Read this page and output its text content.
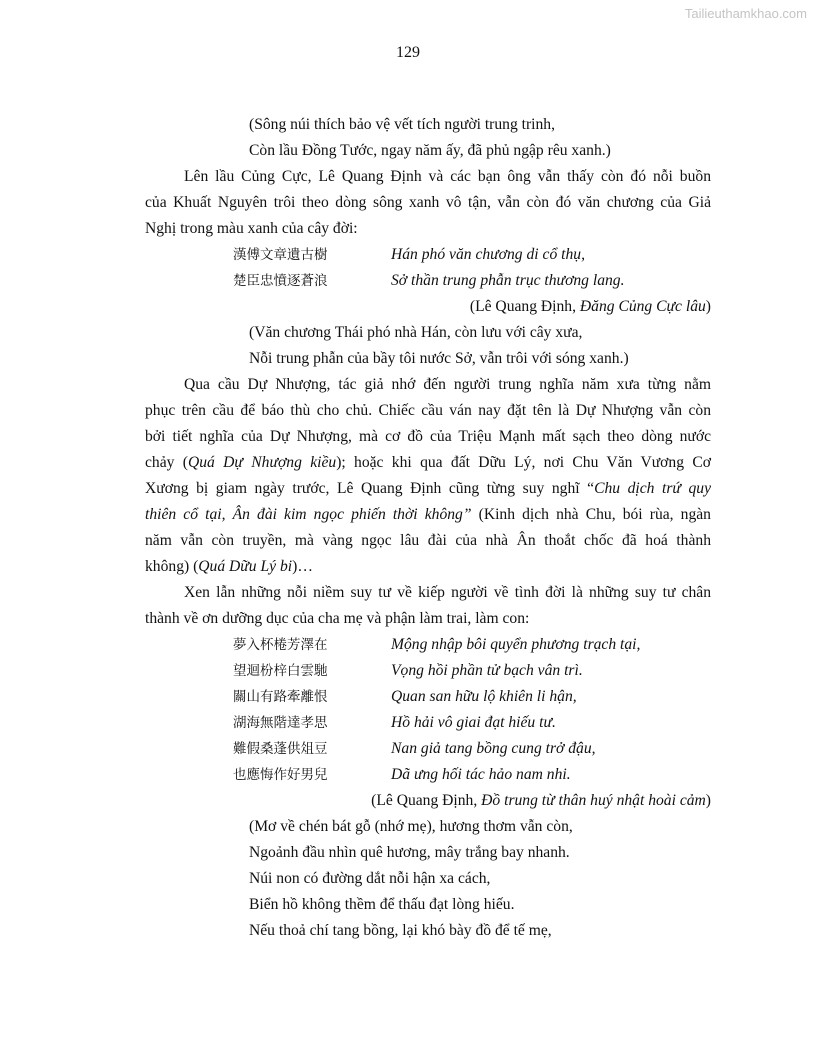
Tailieuthamkhao.com
129
(Sông núi thích bảo vệ vết tích người trung trinh,
Còn lầu Đồng Tước, ngay năm ấy, đã phủ ngập rêu xanh.)
Lên lầu Củng Cực, Lê Quang Định và các bạn ông vẫn thấy còn đó nỗi buồn
của Khuất Nguyên trôi theo dòng sông xanh vô tận, vẫn còn đó văn chương của Giả
Nghị trong màu xanh của cây đời:
漢傅文章遺古樹	Hán phó văn chương di cổ thụ,
楚臣忠憤逐蒼浪	Sở thần trung phẫn trục thương lang.
(Lê Quang Định, Đăng Củng Cực lâu)
(Văn chương Thái phó nhà Hán, còn lưu với cây xưa,
Nỗi trung phẫn của bầy tôi nước Sở, vẫn trôi với sóng xanh.)
Qua cầu Dự Nhượng, tác giả nhớ đến người trung nghĩa năm xưa từng nằm
phục trên cầu để báo thù cho chủ. Chiếc cầu ván nay đặt tên là Dự Nhượng vẫn còn
bởi tiết nghĩa của Dự Nhượng, mà cơ đồ của Triệu Mạnh mất sạch theo dòng nước
chảy (Quá Dự Nhượng kiều); hoặc khi qua đất Dữu Lý, nơi Chu Văn Vương Cơ
Xương bị giam ngày trước, Lê Quang Định cũng từng suy nghĩ “Chu dịch trứ quy
thiên cổ tại, Ân đài kim ngọc phiến thời không” (Kinh dịch nhà Chu, bói rùa, ngàn
năm vẫn còn truyền, mà vàng ngọc lâu đài của nhà Ân thoắt chốc đã hoá thành
không) (Quá Dữu Lý bi)…
Xen lẫn những nỗi niềm suy tư về kiếp người về tình đời là những suy tư chân
thành về ơn dưỡng dục của cha mẹ và phận làm trai, làm con:
夢入杯棬芳澤在	Mộng nhập bôi quyển phương trạch tại,
望迴枌梓白雲馳	Vọng hồi phần tử bạch vân trì.
關山有路牽離恨	Quan san hữu lộ khiên li hận,
湖海無階達孝思	Hồ hải vô giai đạt hiếu tư.
難假桑蓬供俎豆	Nan giả tang bồng cung trở đậu,
也應悔作好男兒	Dã ưng hối tác hảo nam nhi.
(Lê Quang Định, Đồ trung từ thân huý nhật hoài cảm)
(Mơ về chén bát gỗ (nhớ mẹ), hương thơm vẫn còn,
Ngoảnh đầu nhìn quê hương, mây trắng bay nhanh.
Núi non có đường dắt nỗi hận xa cách,
Biển hồ không thềm để thấu đạt lòng hiếu.
Nếu thoả chí tang bồng, lại khó bày đồ để tế mẹ,
